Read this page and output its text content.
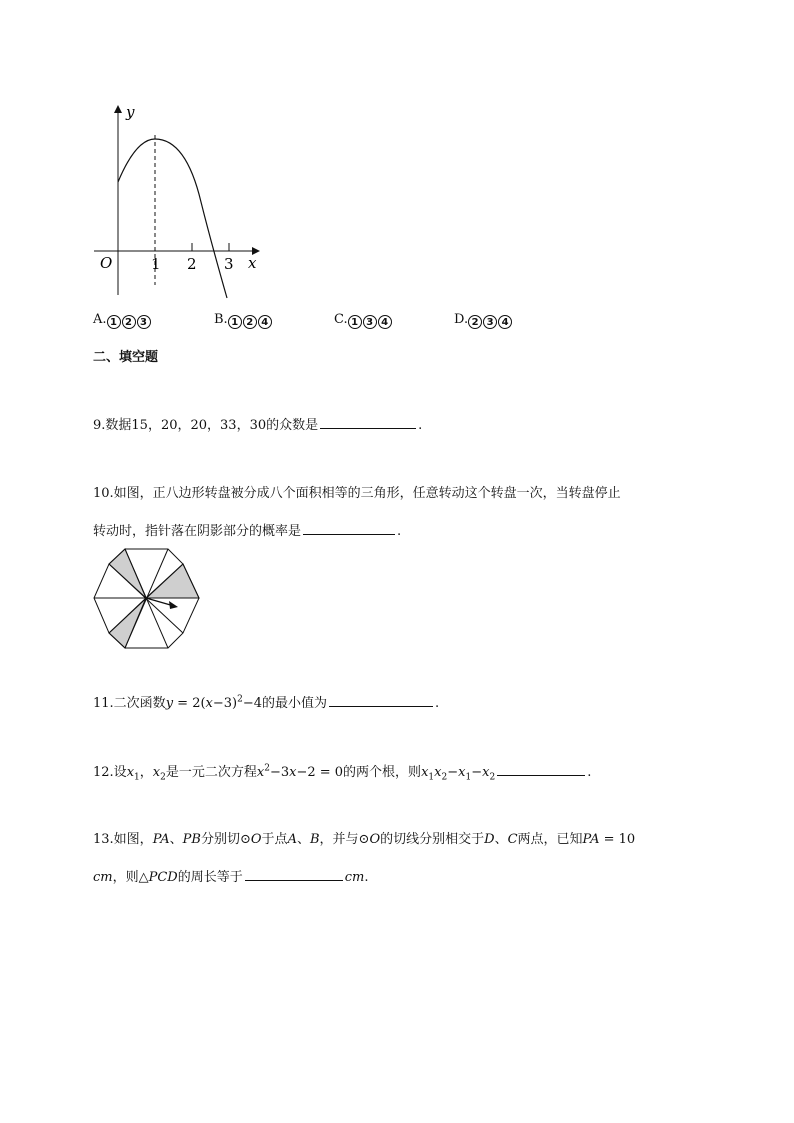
y
x
O	1 2 3
A. 1 2 3	B. 1 2 4	C. 1 3 4	D. 2 3 4
二、填空题
9.数据15，20，20，33，30的众数是	.
10.如图，正八边形转盘被分成八个面积相等的三角形，任意转动这个转盘一次，当转盘停止
转动时，指针落在阴影部分的概率是	.
11.二次函数$y = 2(x-3)^2-4$的最小值为	.
12.设$x_1$，$x_2$是一元二次方程$x^2-3x-2 = 0$的两个根，则$x_1x_2-x_1-x_2$	.
13.如图，PA、PB分别切⊙O于点A、B，并与⊙O的切线分别相交于D、C两点，已知PA = 10
cm，则△PCD的周长等于	cm.
